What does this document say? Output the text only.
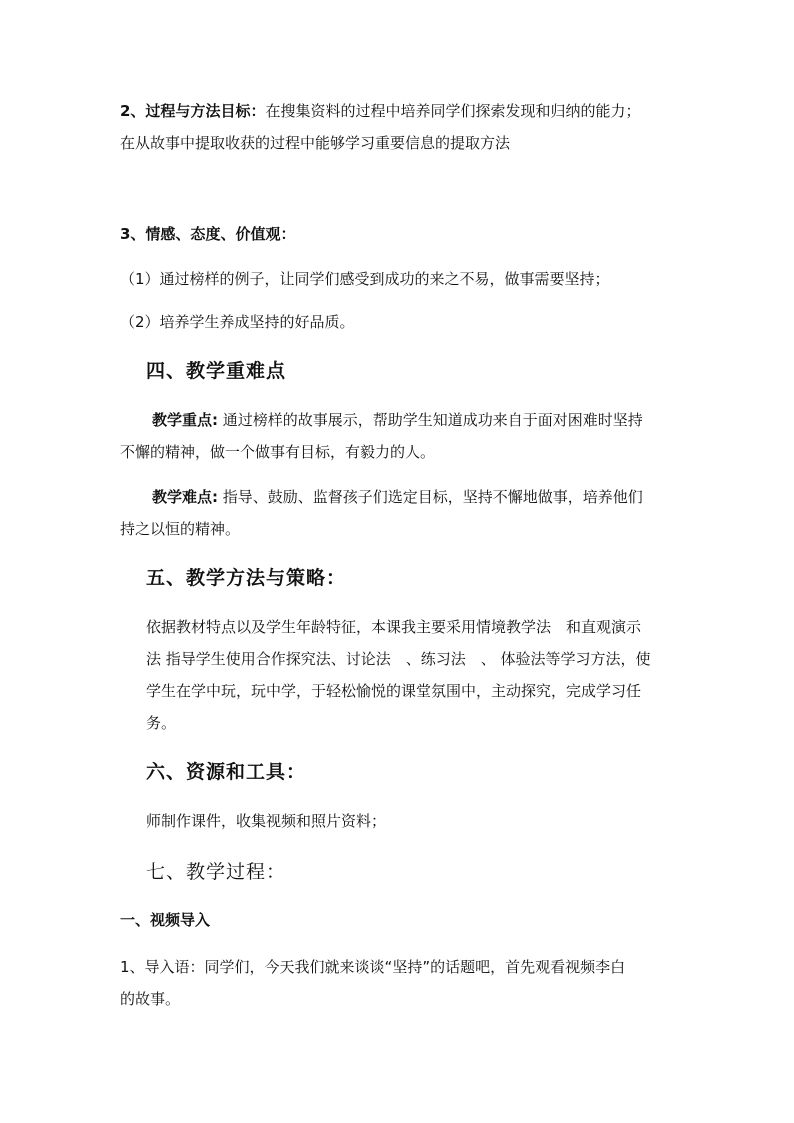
2、过程与方法目标：在搜集资料的过程中培养同学们探索发现和归纳的能力；
在从故事中提取收获的过程中能够学习重要信息的提取方法
3、情感、态度、价值观：
（1）通过榜样的例子，让同学们感受到成功的来之不易，做事需要坚持；
（2）培养学生养成坚持的好品质。
四、教学重难点
教学重点: 通过榜样的故事展示，帮助学生知道成功来自于面对困难时坚持
不懈的精神，做一个做事有目标，有毅力的人。
教学难点: 指导、鼓励、监督孩子们选定目标，坚持不懈地做事，培养他们
持之以恒的精神。
五、教学方法与策略：
依据教材特点以及学生年龄特征，本课我主要采用情境教学法　和直观演示
法 指导学生使用合作探究法、讨论法　、练习法　、 体验法等学习方法，使
学生在学中玩，玩中学，于轻松愉悦的课堂氛围中，主动探究，完成学习任
务。
六、资源和工具：
师制作课件，收集视频和照片资料；
七、教学过程：
一、视频导入
1、导入语：同学们，今天我们就来谈谈“坚持”的话题吧，首先观看视频李白
的故事。
